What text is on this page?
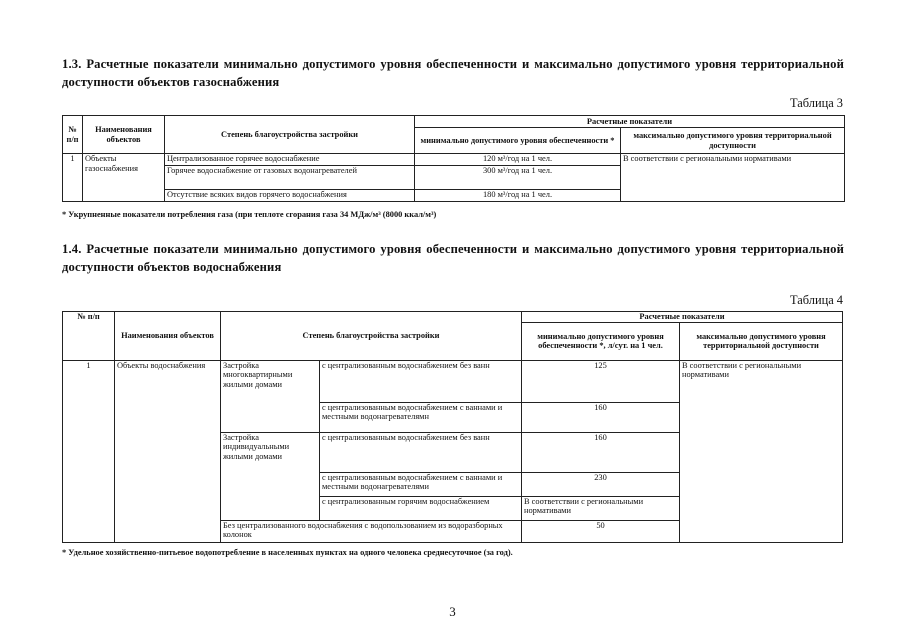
1.3. Расчетные показатели минимально допустимого уровня обеспеченности и максимально допустимого уровня территориальной доступности объектов газоснабжения
Таблица 3
№ п/п	Наименования объектов	Степень благоустройства застройки	Расчетные показатели	
			минимально допустимого уровня обеспеченности *	максимально допустимого уровня территориальной доступности
1	Объекты газоснабжения	Централизованное горячее водоснабжение	120 м³/год на 1 чел.	В соответствии с региональными нормативами
		Горячее водоснабжение от газовых водонагревателей	300 м³/год на 1 чел.	
		Отсутствие всяких видов горячего водоснабжения	180 м³/год на 1 чел.	
* Укрупненные показатели потребления газа (при теплоте сгорания газа 34 МДж/м³ (8000 ккал/м³)
1.4. Расчетные показатели минимально допустимого уровня обеспеченности и максимально допустимого уровня территориальной доступности объектов водоснабжения
Таблица 4
№ п/п	Наименования объектов	Степень благоустройства застройки		Расчетные показатели	
				минимально допустимого уровня обеспеченности *, л/сут. на 1 чел.	максимально допустимого уровня территориальной доступности
1	Объекты водоснабжения	Застройка многоквартирными жилыми домами	с централизованным водоснабжением без ванн	125	В соответствии с региональными нормативами
			с централизованным водоснабжением с ваннами и местными водонагревателямн	160	
		Застройка индивидуальными жилыми домами	с централизованным водоснабжением без ванн	160	
			с централизованным водоснабжением с ваннами и местными водонагревателями	230	
			с централизованным горячим водоснабжением	В соответствии с региональными нормативами	
		Без централизованного водоснабжения с водопользованием из водоразборных колонок		50	
* Удельное хозяйственно-питьевое водопотребление в населенных пунктах на одного человека среднесуточное (за год).
3
